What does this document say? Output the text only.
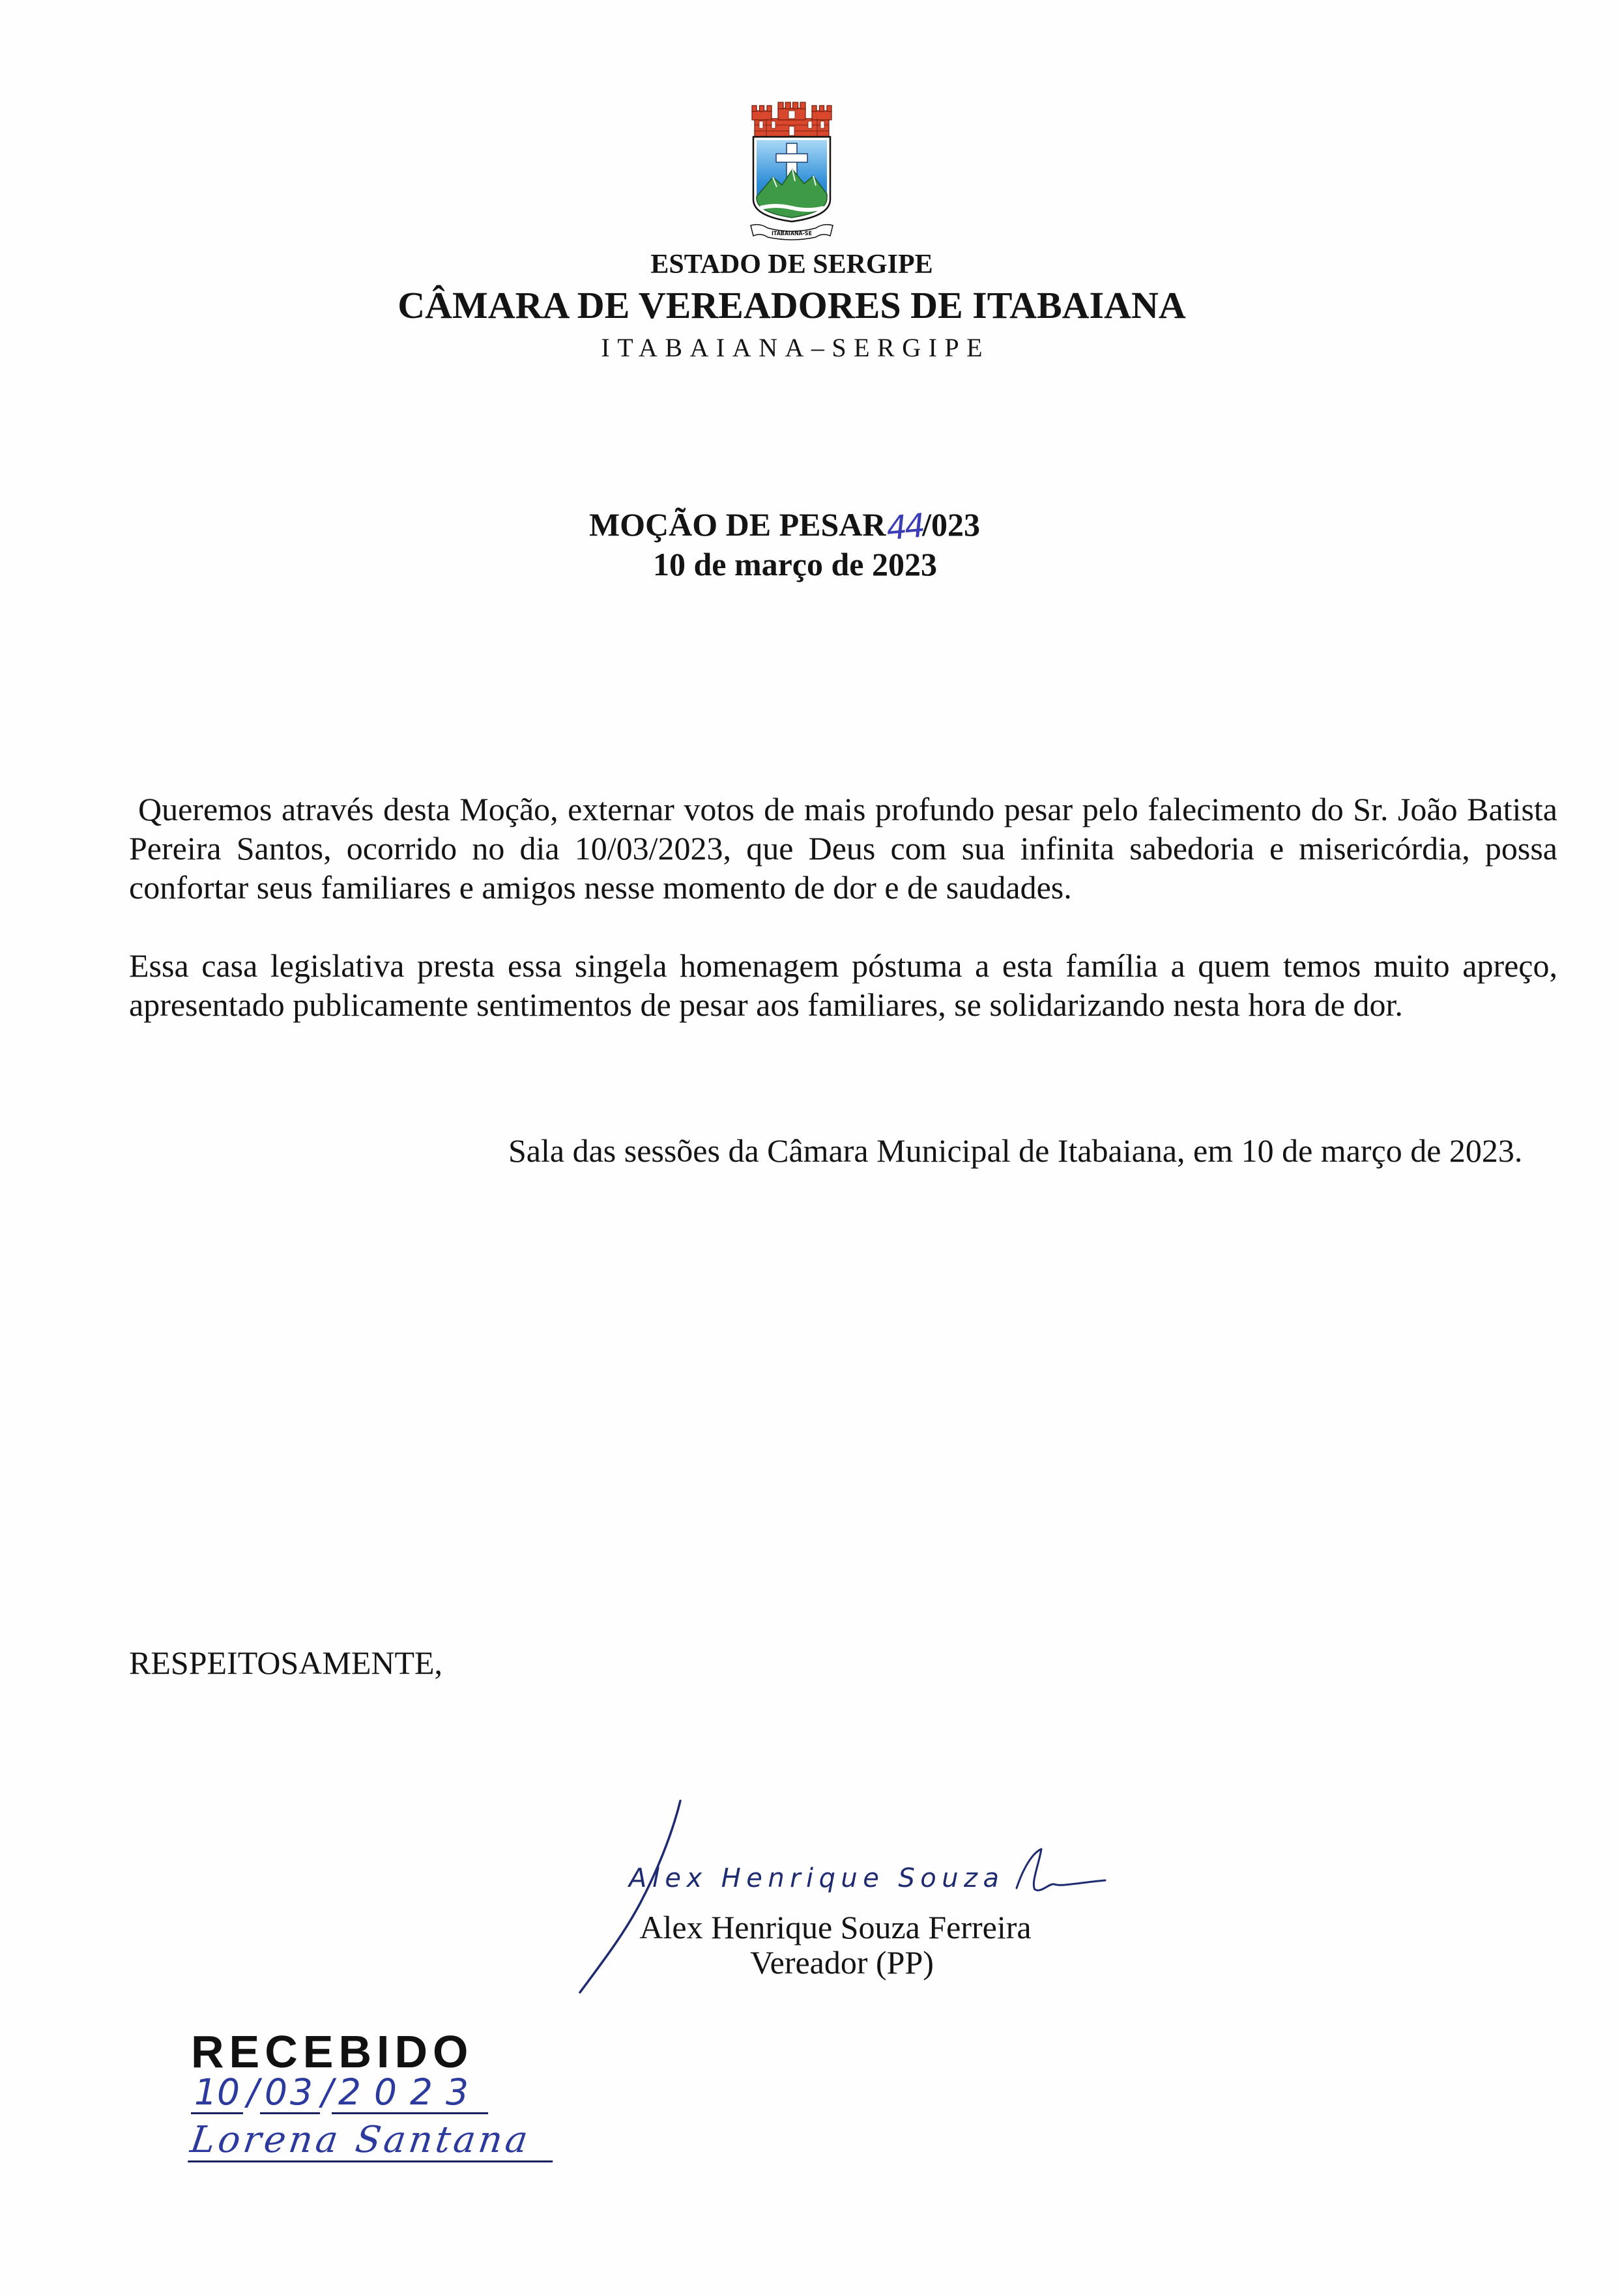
ITABAIANA-SE

ESTADO DE SERGIPE

CÂMARA DE VEREADORES DE ITABAIANA

ITABAIANA–SERGIPE

MOÇÃO DE PESAR44/023

10 de março de 2023

Queremos através desta Moção, externar votos de mais profundo pesar pelo falecimento do Sr. João Batista
Pereira Santos, ocorrido no dia 10/03/2023, que Deus com sua infinita sabedoria e misericórdia, possa
confortar seus familiares e amigos nesse momento de dor e de saudades.
Essa casa legislativa presta essa singela homenagem póstuma a esta família a quem temos muito apreço,
apresentado publicamente sentimentos de pesar aos familiares, se solidarizando nesta hora de dor.

Sala das sessões da Câmara Municipal de Itabaiana, em 10 de março de 2023.

RESPEITOSAMENTE,

Alex Henrique Souza

Alex Henrique Souza Ferreira

Vereador (PP)

RECEBIDO

10 / 03 / 2023

Lorena Santana
